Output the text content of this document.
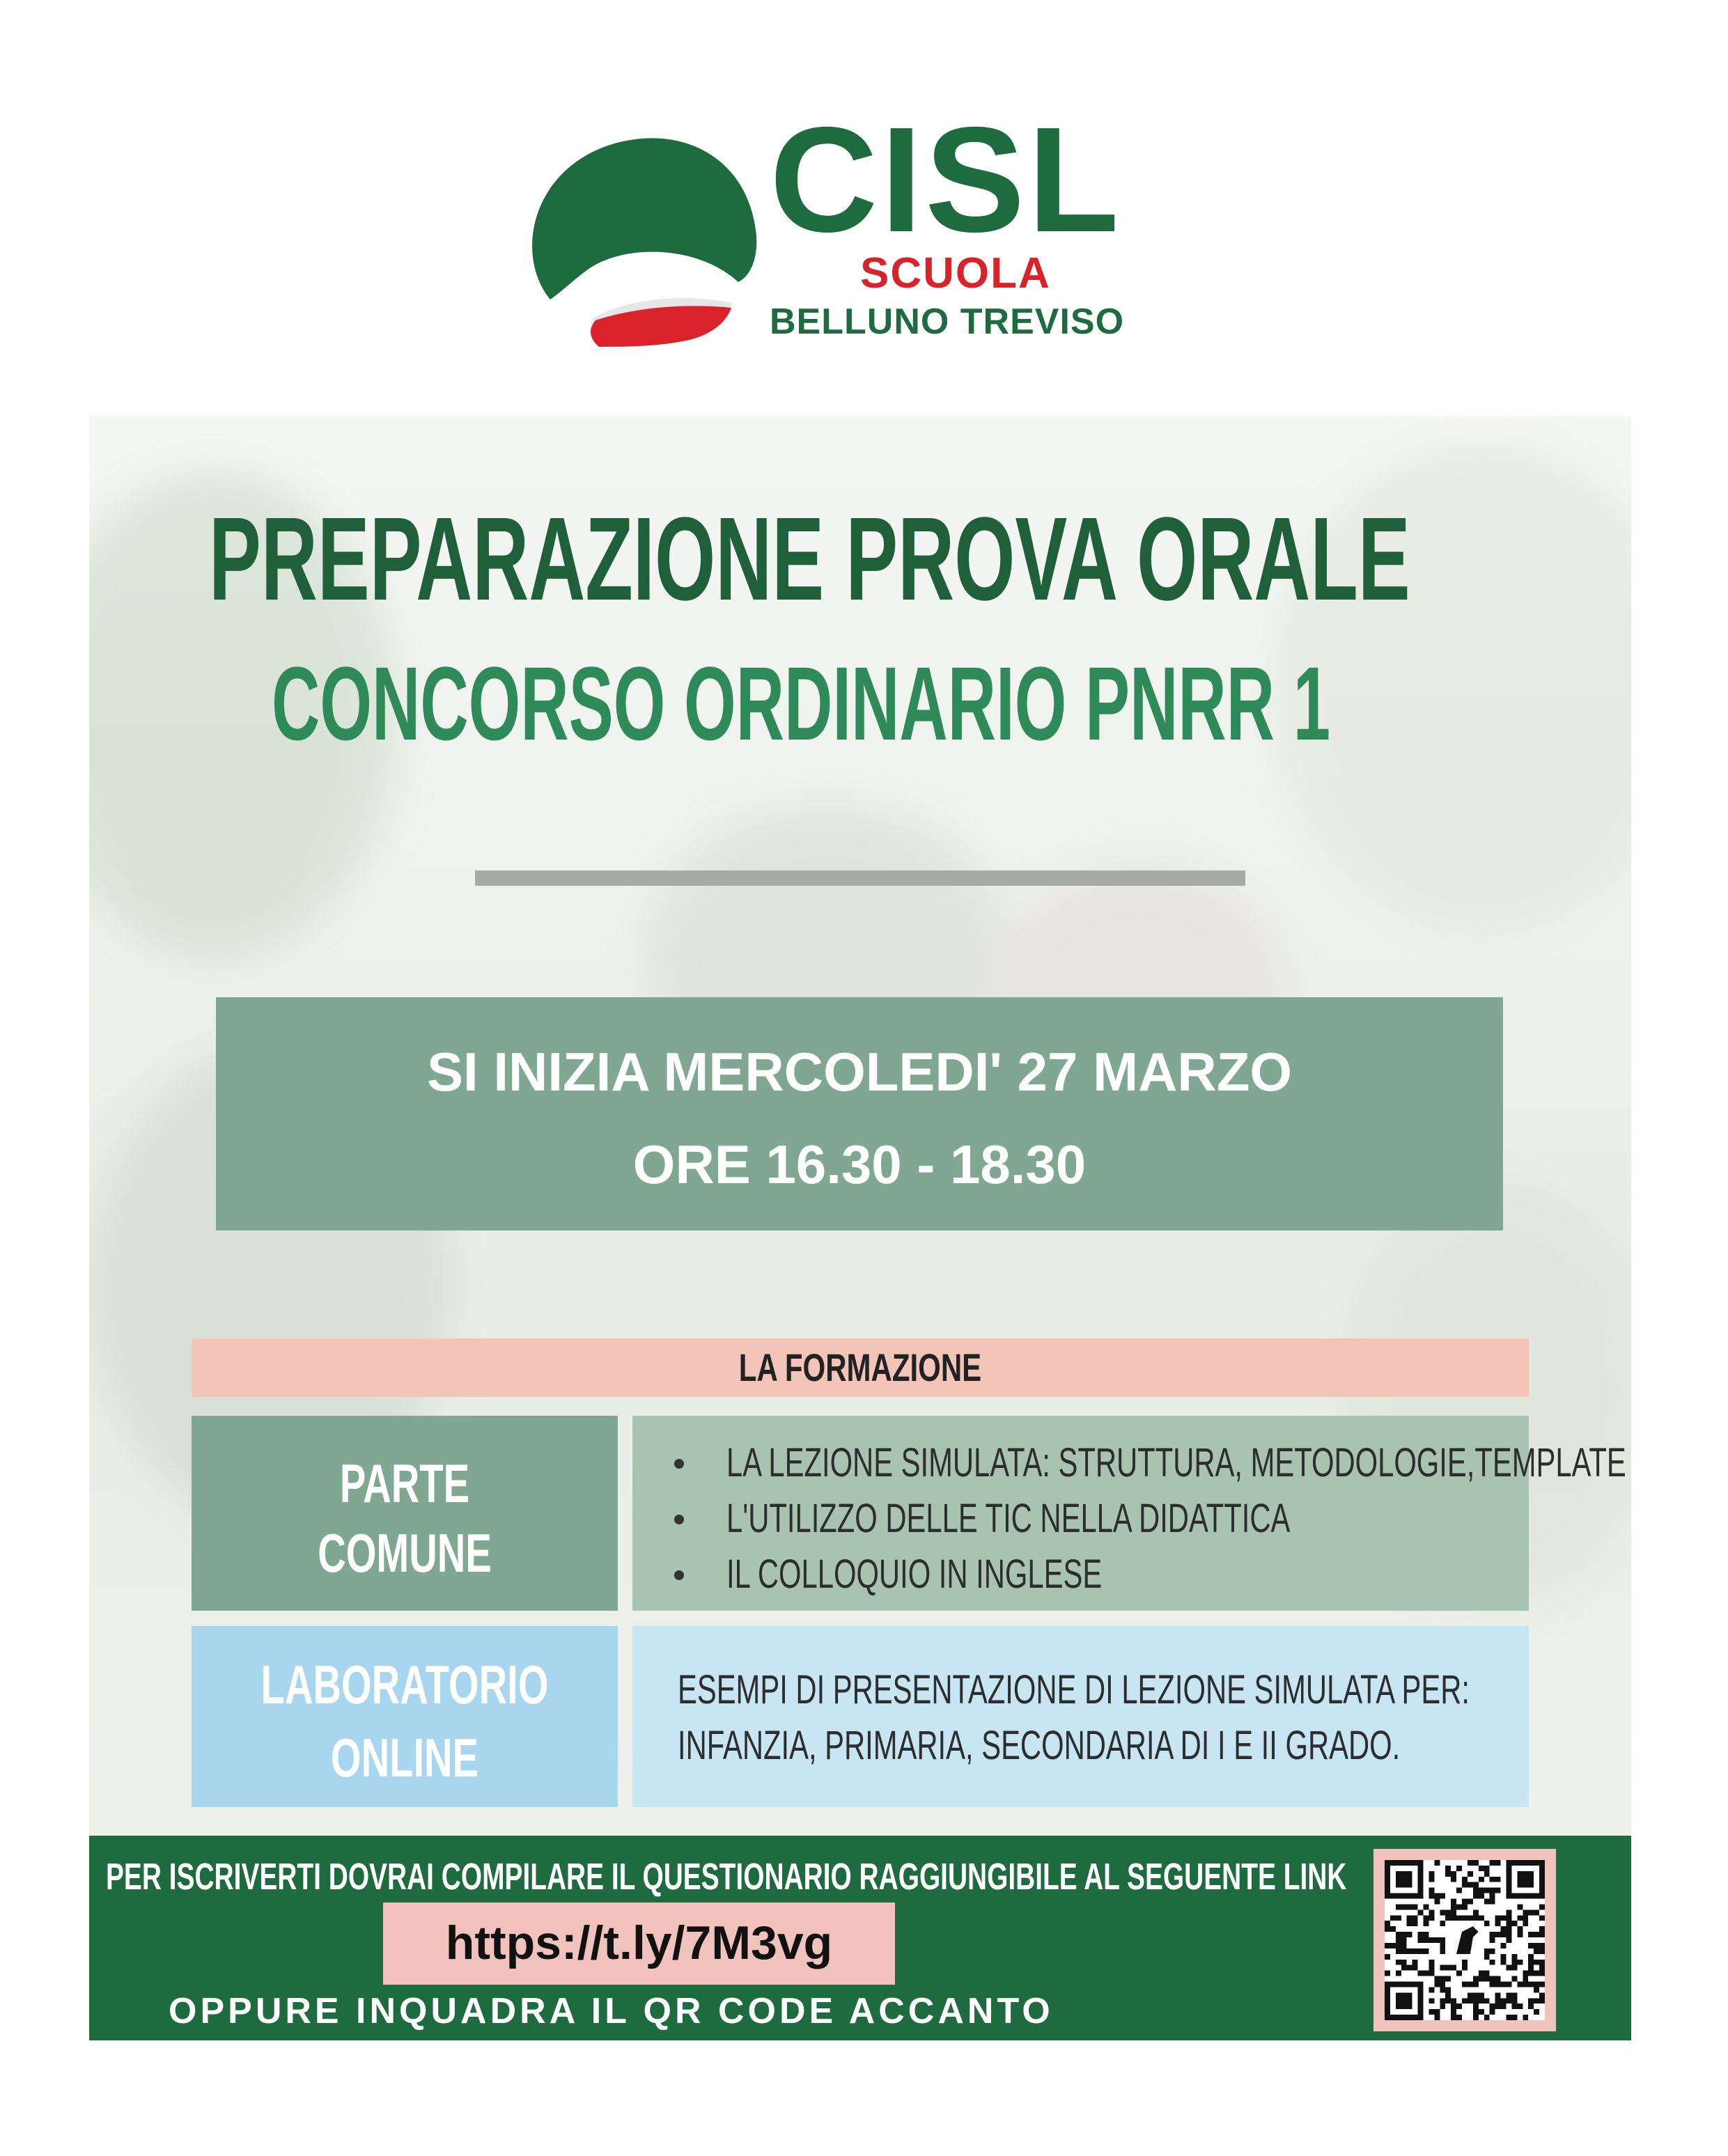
CISL
SCUOLA
BELLUNO TREVISO
PREPARAZIONE PROVA ORALE
CONCORSO ORDINARIO PNRR 1
SI INIZIA MERCOLEDI' 27 MARZO
ORE 16.30 - 18.30
LA FORMAZIONE
PARTE
COMUNE
LA LEZIONE SIMULATA: STRUTTURA, METODOLOGIE,TEMPLATE
L'UTILIZZO DELLE TIC NELLA DIDATTICA
IL COLLOQUIO IN INGLESE
LABORATORIO
ONLINE
ESEMPI DI PRESENTAZIONE DI LEZIONE SIMULATA PER:
INFANZIA, PRIMARIA, SECONDARIA DI I E II GRADO.
PER ISCRIVERTI DOVRAI COMPILARE IL QUESTIONARIO RAGGIUNGIBILE AL SEGUENTE LINK
https://t.ly/7M3vg
OPPURE INQUADRA IL QR CODE ACCANTO
